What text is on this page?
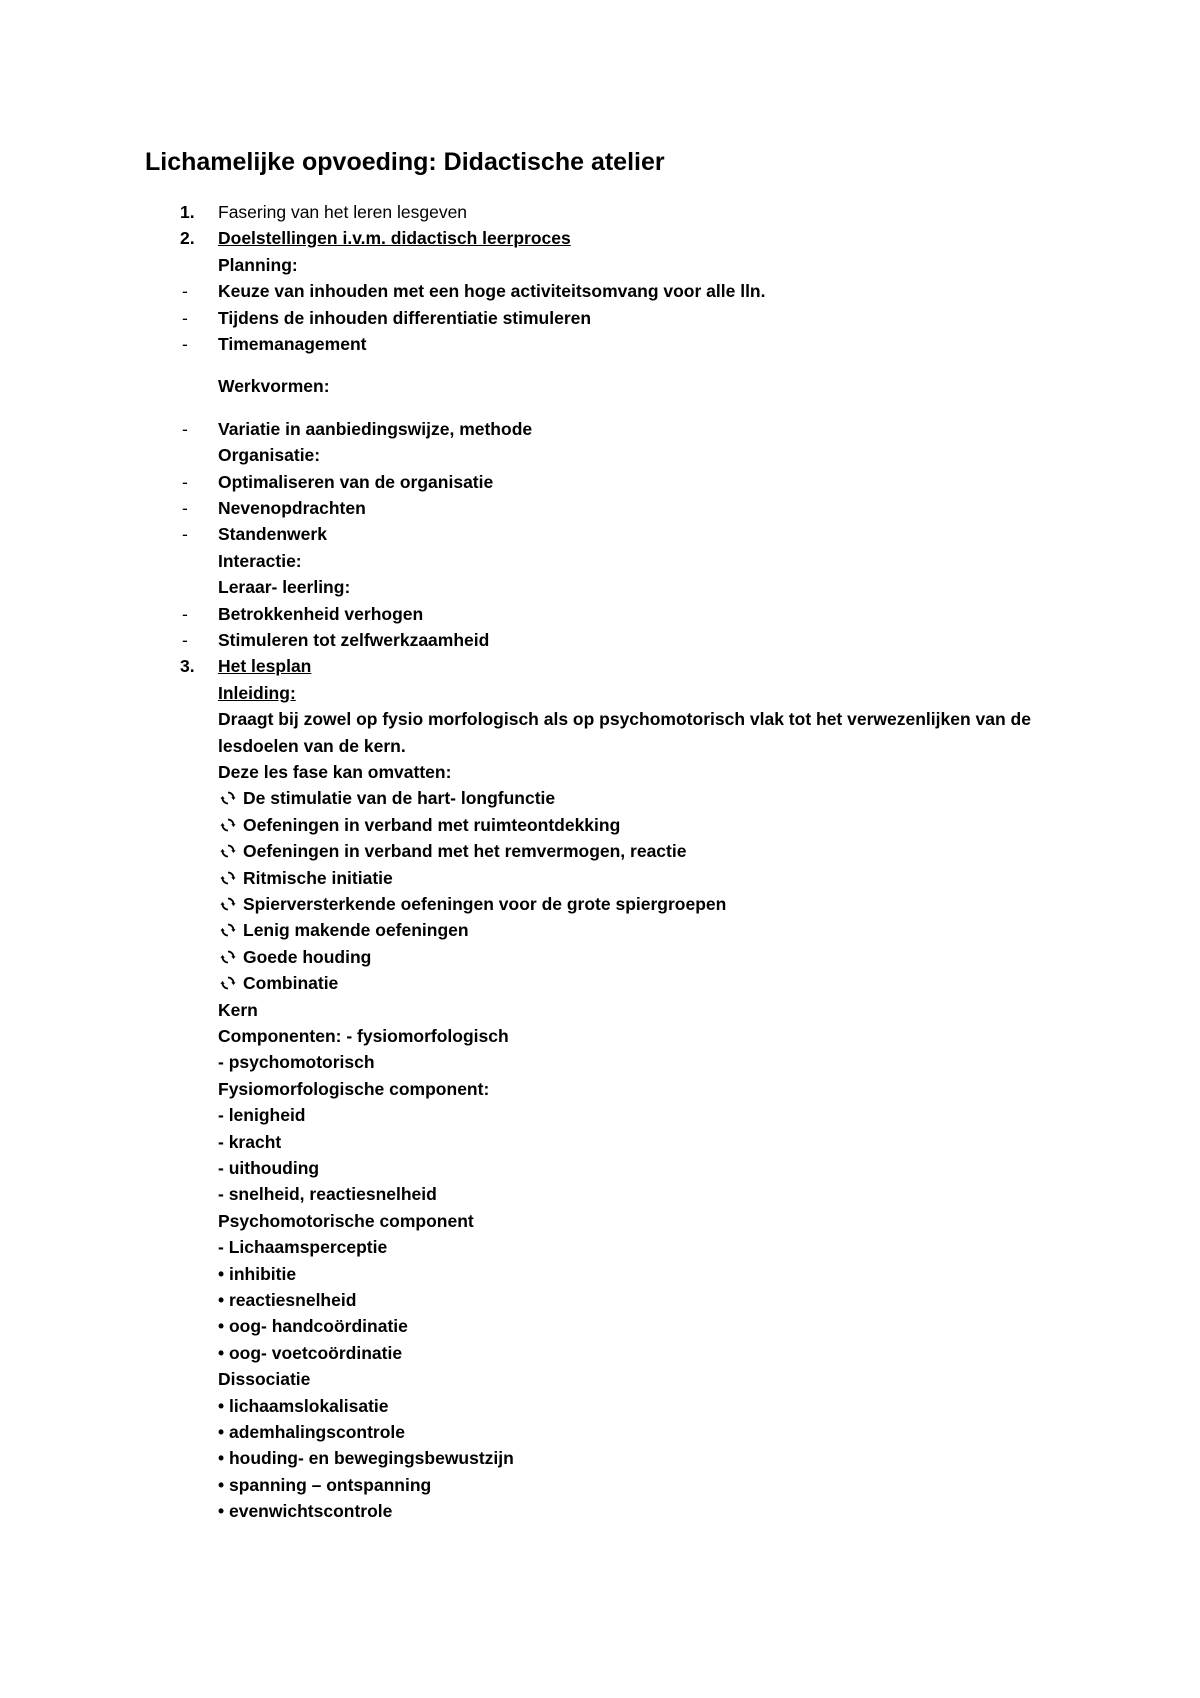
Lichamelijke opvoeding: Didactische atelier
Fasering van het leren lesgeven
1.
Doelstellingen i.v.m. didactisch leerproces
2.
Planning:
Keuze van inhouden met een hoge activiteitsomvang voor alle lln.
-
Tijdens de inhouden differentiatie stimuleren
-
Timemanagement
-
Werkvormen:
Variatie in aanbiedingswijze, methode
-
Organisatie:
Optimaliseren van de organisatie
-
Nevenopdrachten
-
Standenwerk
-
Interactie:
Leraar- leerling:
Betrokkenheid verhogen
-
Stimuleren tot zelfwerkzaamheid
-
Het lesplan
3.
Inleiding:
Draagt bij zowel op fysio morfologisch als op psychomotorisch vlak tot het verwezenlijken van de
lesdoelen van de kern.
Deze les fase kan omvatten:
De stimulatie van de hart- longfunctie
Oefeningen in verband met ruimteontdekking
Oefeningen in verband met het remvermogen, reactie
Ritmische initiatie
Spierversterkende oefeningen voor de grote spiergroepen
Lenig makende oefeningen
Goede houding
Combinatie
Kern
Componenten: - fysiomorfologisch
- psychomotorisch
Fysiomorfologische component:
- lenigheid
- kracht
- uithouding
- snelheid, reactiesnelheid
Psychomotorische component
- Lichaamsperceptie
• inhibitie
• reactiesnelheid
• oog- handcoördinatie
• oog- voetcoördinatie
Dissociatie
• lichaamslokalisatie
• ademhalingscontrole
• houding- en bewegingsbewustzijn
• spanning – ontspanning
• evenwichtscontrole
